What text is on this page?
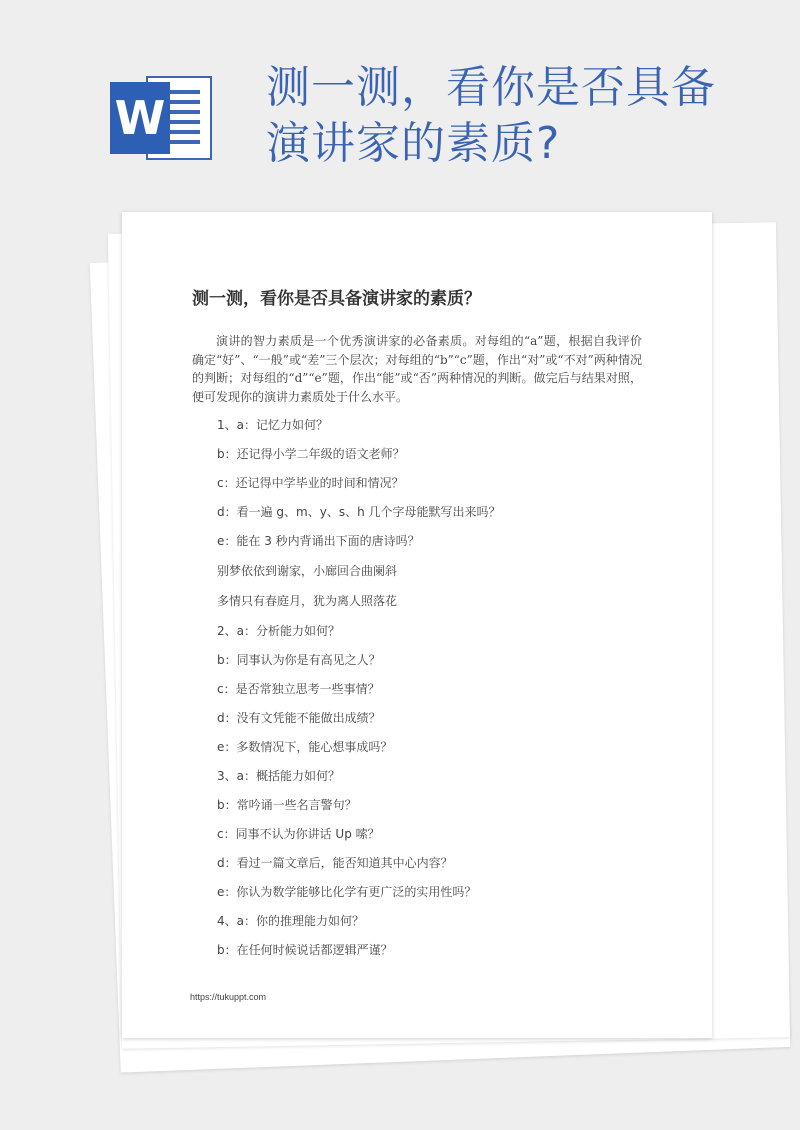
W
测一测，看你是否具备演讲家的素质?
测一测，看你是否具备演讲家的素质？
演讲的智力素质是一个优秀演讲家的必备素质。对每组的“a”题，根据自我评价确定“好”、“一般”或“差”三个层次；对每组的“b”“c”题，作出“对”或“不对”两种情况的判断；对每组的“d”“e”题，作出“能”或“否”两种情况的判断。做完后与结果对照，便可发现你的演讲力素质处于什么水平。
1、a：记忆力如何？
b：还记得小学二年级的语文老师？
c：还记得中学毕业的时间和情况？
d：看一遍 g、m、y、s、h 几个字母能默写出来吗？
e：能在 3 秒内背诵出下面的唐诗吗？
别梦依依到谢家，小廊回合曲阑斜
多情只有春庭月，犹为离人照落花
2、a：分析能力如何？
b：同事认为你是有高见之人？
c：是否常独立思考一些事情？
d：没有文凭能不能做出成绩？
e：多数情况下，能心想事成吗？
3、a：概括能力如何？
b：常吟诵一些名言警句？
c：同事不认为你讲话 Up 嗦？
d：看过一篇文章后，能否知道其中心内容？
e：你认为数学能够比化学有更广泛的实用性吗？
4、a：你的推理能力如何？
b：在任何时候说话都逻辑严谨？
https://tukuppt.com
